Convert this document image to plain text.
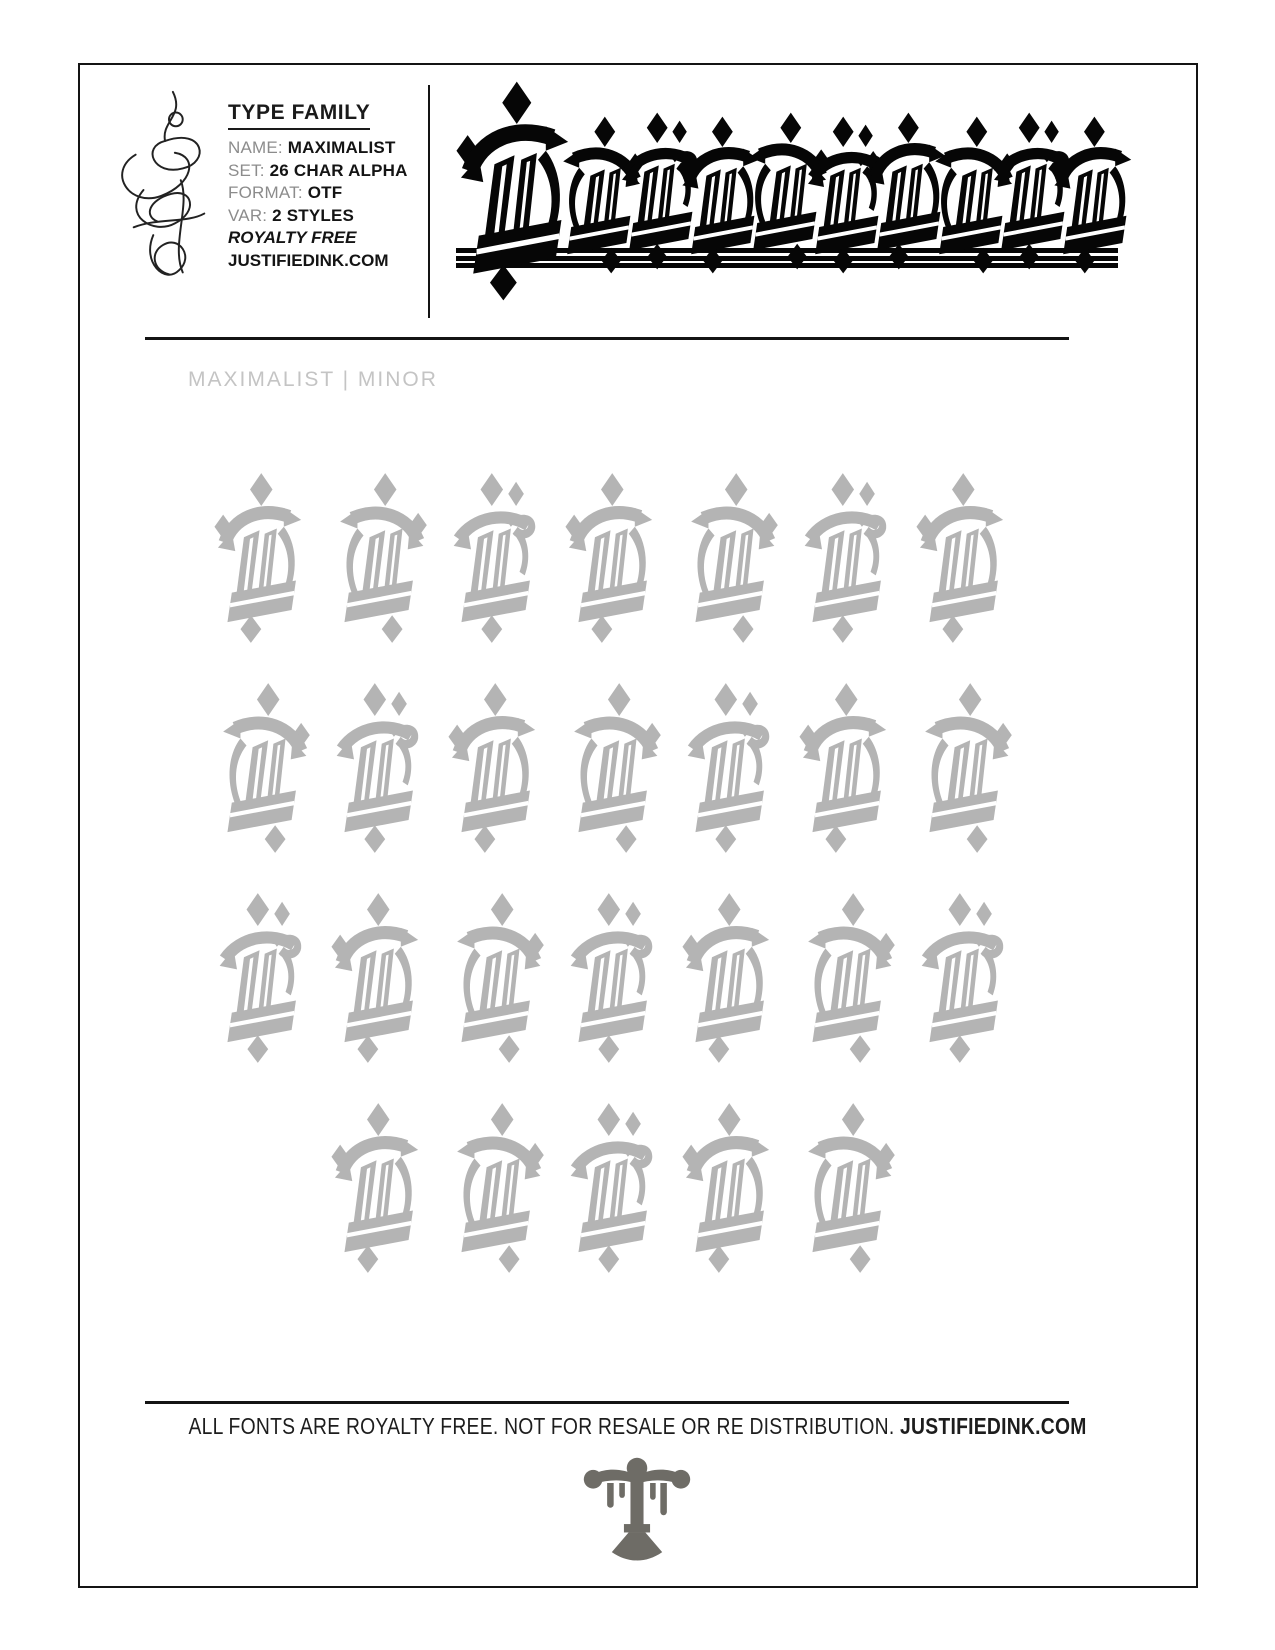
TYPE FAMILY
NAME: MAXIMALIST
SET: 26 CHAR ALPHA
FORMAT: OTF
VAR: 2 STYLES
ROYALTY FREE
JUSTIFIEDINK.COM
MAXIMALIST | MINOR
ALL FONTS ARE ROYALTY FREE. NOT FOR RESALE OR RE DISTRIBUTION. JUSTIFIEDINK.COM
